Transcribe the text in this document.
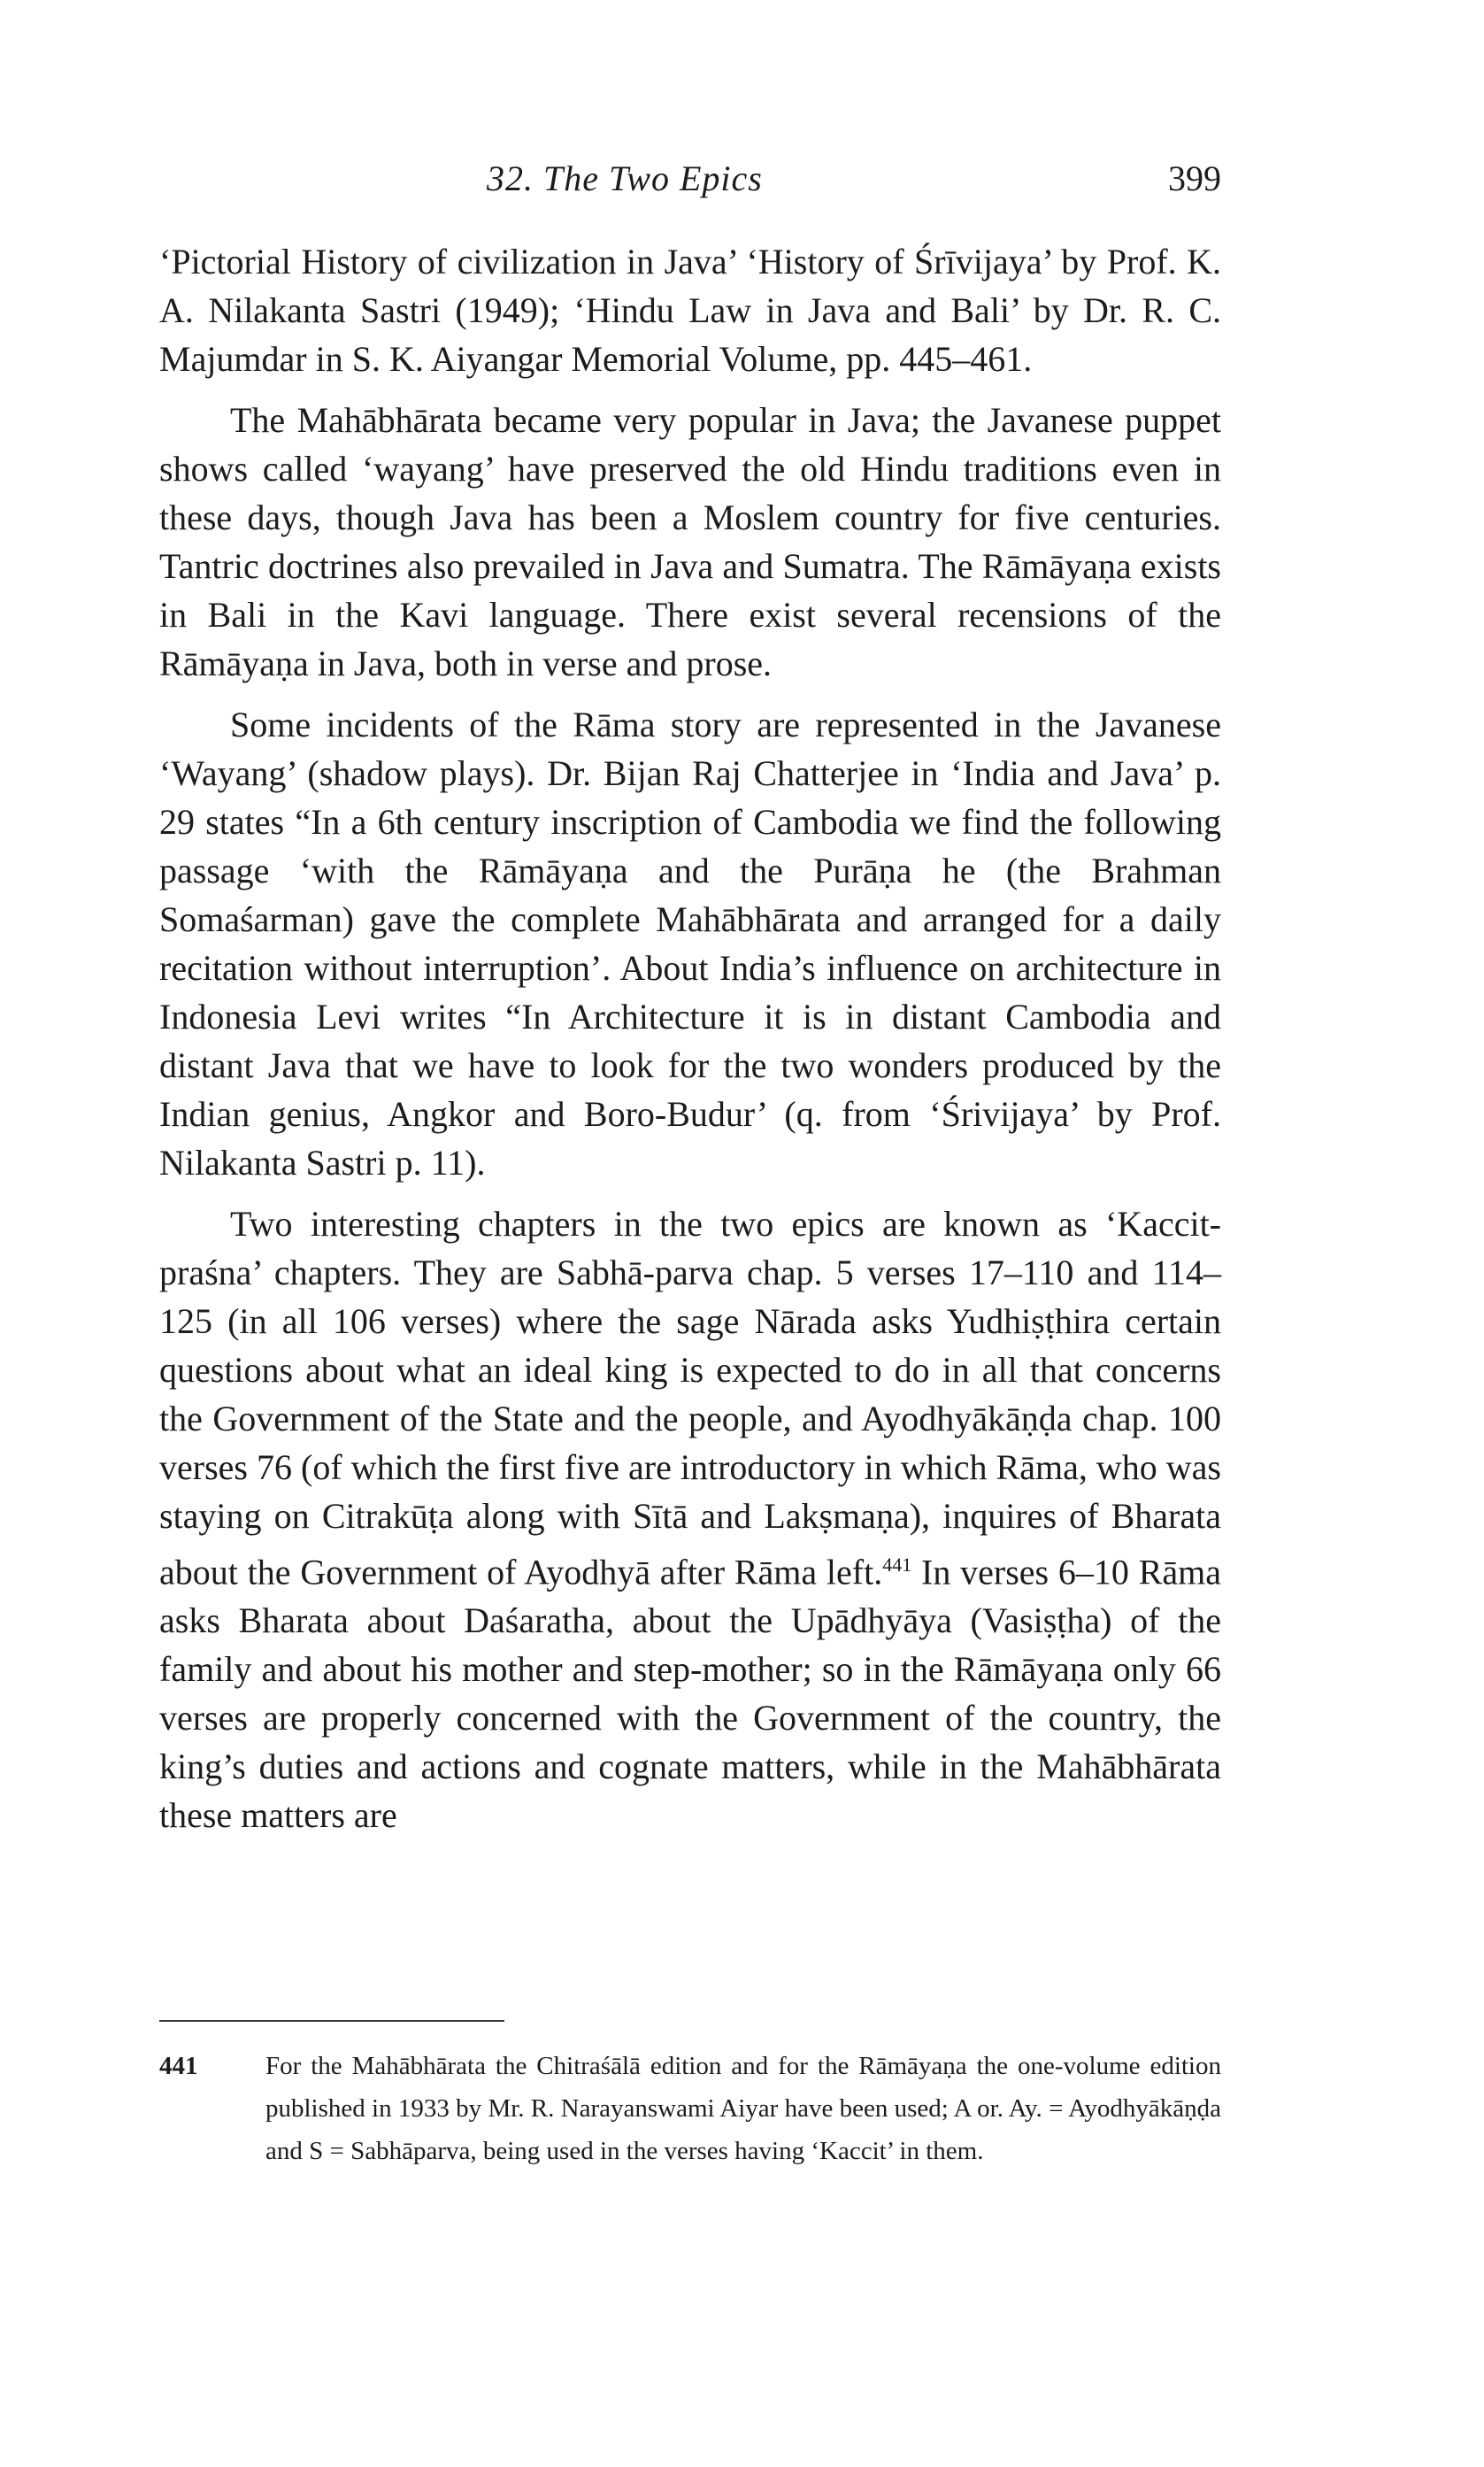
32. The Two Epics	399

‘Pictorial History of civilization in Java’ ‘History of Śrīvijaya’ by Prof. K. A. Nilakanta Sastri (1949); ‘Hindu Law in Java and Bali’ by Dr. R. C. Majumdar in S. K. Aiyangar Memorial Volume, pp. 445–461.

The Mahābhārata became very popular in Java; the Javanese puppet shows called ‘wayang’ have preserved the old Hindu traditions even in these days, though Java has been a Moslem country for five centuries. Tantric doctrines also prevailed in Java and Sumatra. The Rāmāyaṇa exists in Bali in the Kavi language. There exist several recensions of the Rāmāyaṇa in Java, both in verse and prose.

Some incidents of the Rāma story are represented in the Javanese ‘Wayang’ (shadow plays). Dr. Bijan Raj Chatterjee in ‘India and Java’ p. 29 states “In a 6th century inscription of Cambodia we find the following passage ‘with the Rāmāyaṇa and the Purāṇa he (the Brahman Somaśarman) gave the complete Mahābhārata and arranged for a daily recitation without interruption’. About India’s influence on architecture in Indonesia Levi writes “In Architecture it is in distant Cambodia and distant Java that we have to look for the two wonders produced by the Indian genius, Angkor and Boro-Budur’ (q. from ‘Śrivijaya’ by Prof. Nilakanta Sastri p. 11).

Two interesting chapters in the two epics are known as ‘Kaccit-praśna’ chapters. They are Sabhā-parva chap. 5 verses 17–110 and 114–125 (in all 106 verses) where the sage Nārada asks Yudhiṣṭhira certain questions about what an ideal king is expected to do in all that concerns the Government of the State and the people, and Ayodhyākāṇḍa chap. 100 verses 76 (of which the first five are introductory in which Rāma, who was staying on Citrakūṭa along with Sītā and Lakṣmaṇa), inquires of Bharata about the Government of Ayodhyā after Rāma left.$^{441}$ In verses 6–10 Rāma asks Bharata about Daśaratha, about the Upādhyāya (Vasiṣṭha) of the family and about his mother and step-mother; so in the Rāmāyaṇa only 66 verses are properly concerned with the Government of the country, the king’s duties and actions and cognate matters, while in the Mahābhārata these matters are

441	For the Mahābhārata the Chitraśālā edition and for the Rāmāyaṇa the one-volume edition published in 1933 by Mr. R. Narayanswami Aiyar have been used; A or. Ay. = Ayodhyākāṇḍa and S = Sabhāparva, being used in the verses having ‘Kaccit’ in them.
